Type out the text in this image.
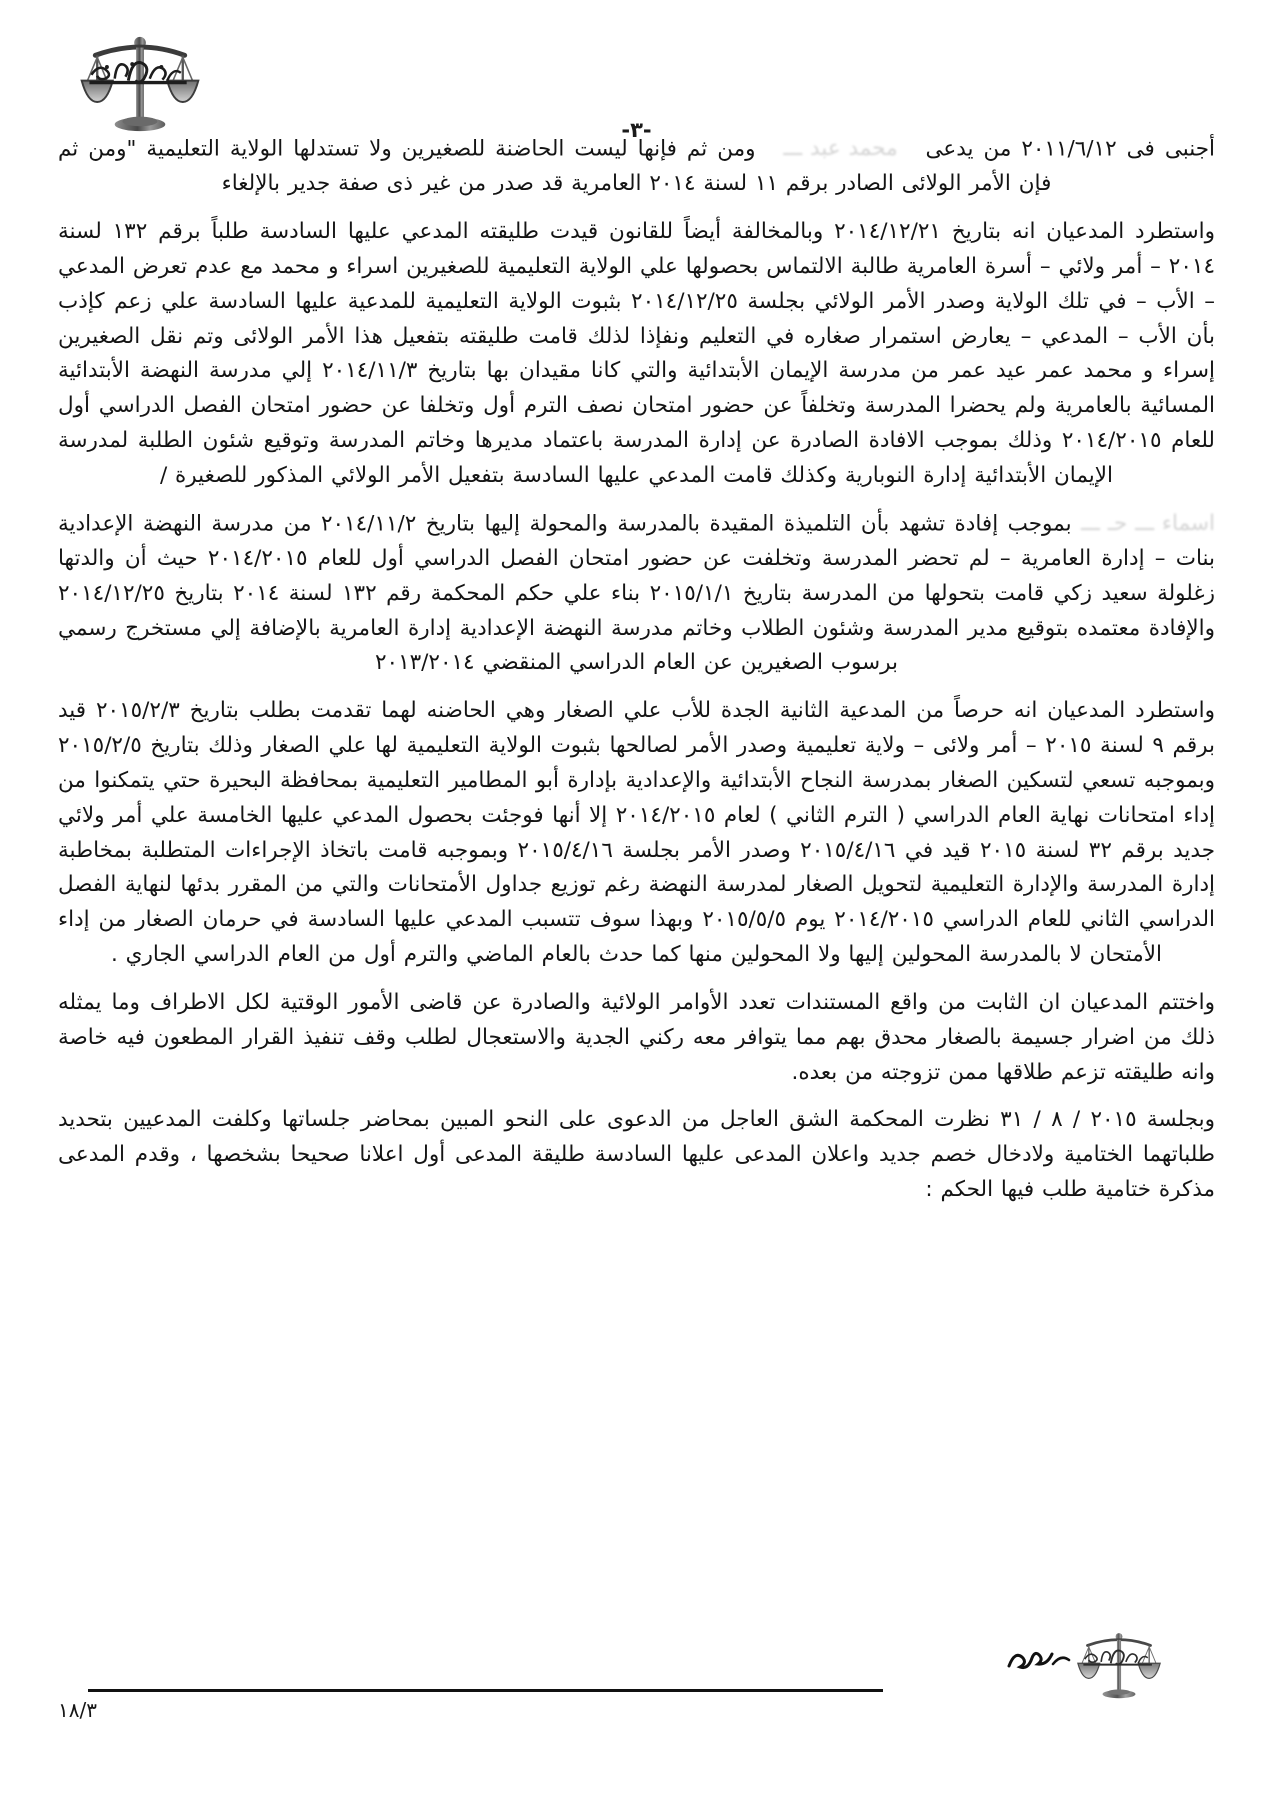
-٣-

أجنبى فى ٢٠١١/٦/١٢ من يدعى محمد عبد ـــ ومن ثم فإنها ليست الحاضنة للصغيرين ولا تستدلها الولاية التعليمية "ومن ثم فإن الأمر الولائى الصادر برقم ١١ لسنة ٢٠١٤ العامرية قد صدر من غير ذى صفة جدير بالإلغاء

واستطرد المدعيان انه بتاريخ ٢٠١٤/١٢/٢١ وبالمخالفة أيضاً للقانون قيدت طليقته المدعي عليها السادسة طلباً برقم ١٣٢ لسنة ٢٠١٤ – أمر ولائي – أسرة العامرية طالبة الالتماس بحصولها علي الولاية التعليمية للصغيرين اسراء و محمد مع عدم تعرض المدعي – الأب – في تلك الولاية وصدر الأمر الولائي بجلسة ٢٠١٤/١٢/٢٥ بثبوت الولاية التعليمية للمدعية عليها السادسة علي زعم كإذب بأن الأب – المدعي – يعارض استمرار صغاره في التعليم ونفإذا لذلك قامت طليقته بتفعيل هذا الأمر الولائى وتم نقل الصغيرين إسراء و محمد عمر عيد عمر من مدرسة الإيمان الأبتدائية والتي كانا مقيدان بها بتاريخ ٢٠١٤/١١/٣ إلي مدرسة النهضة الأبتدائية المسائية بالعامرية ولم يحضرا المدرسة وتخلفاً عن حضور امتحان نصف الترم أول وتخلفا عن حضور امتحان الفصل الدراسي أول للعام ٢٠١٤/٢٠١٥ وذلك بموجب الافادة الصادرة عن إدارة المدرسة باعتماد مديرها وخاتم المدرسة وتوقيع شئون الطلبة لمدرسة الإيمان الأبتدائية إدارة النوبارية وكذلك قامت المدعي عليها السادسة بتفعيل الأمر الولائي المذكور للصغيرة /

اسماء ـــ حـ ـــ بموجب إفادة تشهد بأن التلميذة المقيدة بالمدرسة والمحولة إليها بتاريخ ٢٠١٤/١١/٢ من مدرسة النهضة الإعدادية بنات – إدارة العامرية – لم تحضر المدرسة وتخلفت عن حضور امتحان الفصل الدراسي أول للعام ٢٠١٤/٢٠١٥ حيث أن والدتها زغلولة سعيد زكي قامت بتحولها من المدرسة بتاريخ ٢٠١٥/١/١ بناء علي حكم المحكمة رقم ١٣٢ لسنة ٢٠١٤ بتاريخ ٢٠١٤/١٢/٢٥ والإفادة معتمده بتوقيع مدير المدرسة وشئون الطلاب وخاتم مدرسة النهضة الإعدادية إدارة العامرية بالإضافة إلي مستخرج رسمي برسوب الصغيرين عن العام الدراسي المنقضي ٢٠١٣/٢٠١٤

واستطرد المدعيان انه حرصاً من المدعية الثانية الجدة للأب علي الصغار وهي الحاضنه لهما تقدمت بطلب بتاريخ ٢٠١٥/٢/٣ قيد برقم ٩ لسنة ٢٠١٥ – أمر ولائى – ولاية تعليمية وصدر الأمر لصالحها بثبوت الولاية التعليمية لها علي الصغار وذلك بتاريخ ٢٠١٥/٢/٥ وبموجبه تسعي لتسكين الصغار بمدرسة النجاح الأبتدائية والإعدادية بإدارة أبو المطامير التعليمية بمحافظة البحيرة حتي يتمكنوا من إداء امتحانات نهاية العام الدراسي ( الترم الثاني ) لعام ٢٠١٤/٢٠١٥ إلا أنها فوجئت بحصول المدعي عليها الخامسة علي أمر ولائي جديد برقم ٣٢ لسنة ٢٠١٥ قيد في ٢٠١٥/٤/١٦ وصدر الأمر بجلسة ٢٠١٥/٤/١٦ وبموجبه قامت باتخاذ الإجراءات المتطلبة بمخاطبة إدارة المدرسة والإدارة التعليمية لتحويل الصغار لمدرسة النهضة رغم توزيع جداول الأمتحانات والتي من المقرر بدئها لنهاية الفصل الدراسي الثاني للعام الدراسي ٢٠١٤/٢٠١٥ يوم ٢٠١٥/٥/٥ وبهذا سوف تتسبب المدعي عليها السادسة في حرمان الصغار من إداء الأمتحان لا بالمدرسة المحولين إليها ولا المحولين منها كما حدث بالعام الماضي والترم أول من العام الدراسي الجاري .

واختتم المدعيان ان الثابت من واقع المستندات تعدد الأوامر الولائية والصادرة عن قاضى الأمور الوقتية لكل الاطراف وما يمثله ذلك من اضرار جسيمة بالصغار محدق بهم مما يتوافر معه ركني الجدية والاستعجال لطلب وقف تنفيذ القرار المطعون فيه خاصة وانه طليقته تزعم طلاقها ممن تزوجته من بعده.

وبجلسة ٢٠١٥ / ٨ / ٣١ نظرت المحكمة الشق العاجل من الدعوى على النحو المبين بمحاضر جلساتها وكلفت المدعيين بتحديد طلباتهما الختامية ولادخال خصم جديد واعلان المدعى عليها السادسة طليقة المدعى أول اعلانا صحيحا بشخصها ، وقدم المدعى مذكرة ختامية طلب فيها الحكم :

١٨/٣
